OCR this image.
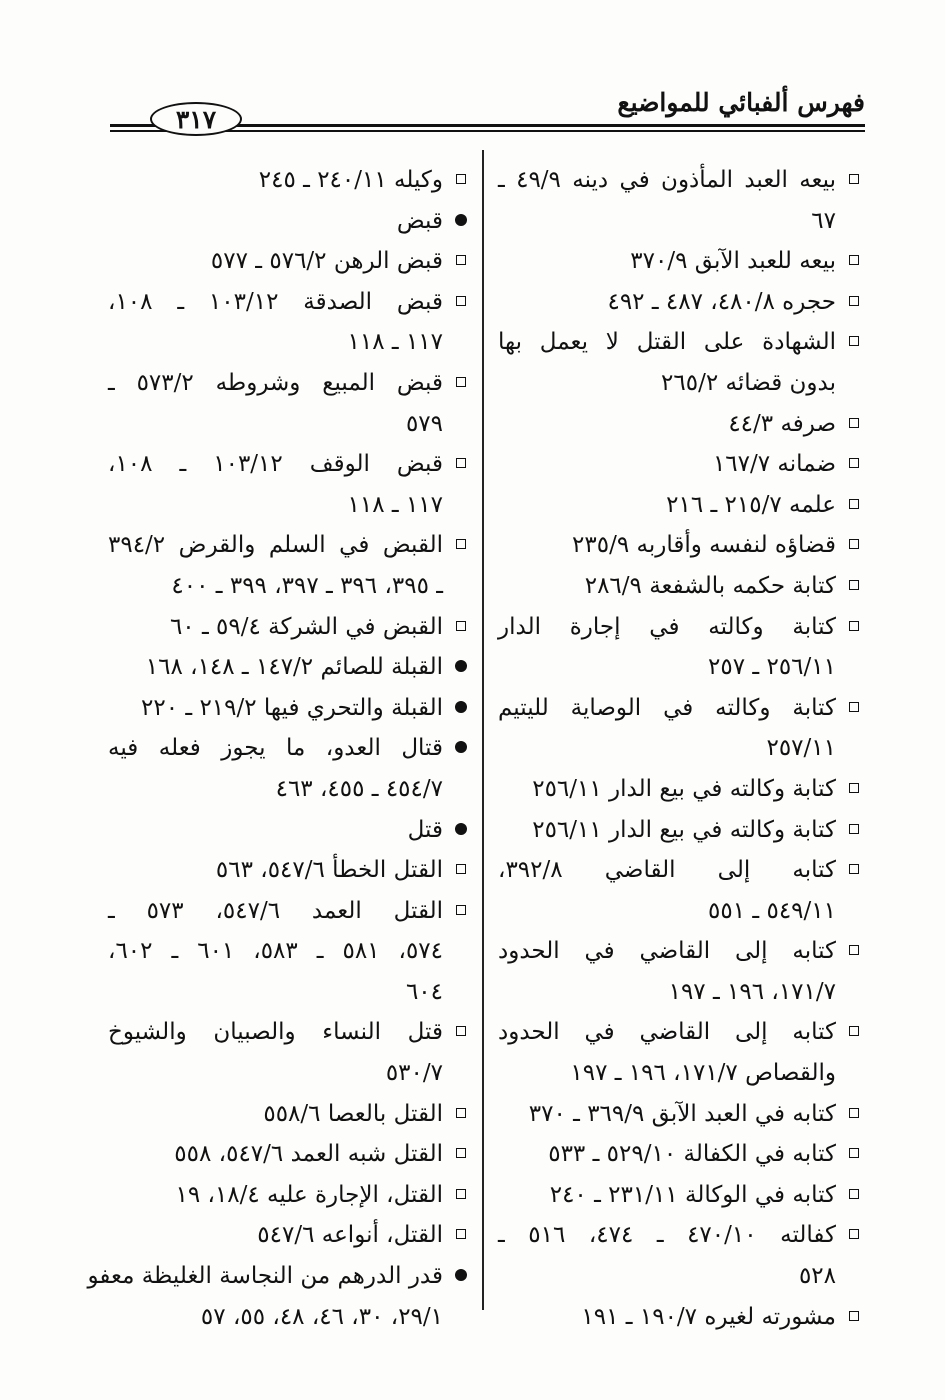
فهرس ألفبائي للمواضيع
٣١٧
بيعه العبد المأذون في دينه ٤٩/٩ ـ
٦٧
بيعه للعبد الآبق ٣٧٠/٩
حجره ٤٨٠/٨، ٤٨٧ ـ ٤٩٢
الشهادة على القتل لا يعمل بها
بدون قضائه ٢٦٥/٢
صرفه ٤٤/٣
ضمانه ١٦٧/٧
علمه ٢١٥/٧ ـ ٢١٦
قضاؤه لنفسه وأقاربه ٢٣٥/٩
كتابة حكمه بالشفعة ٢٨٦/٩
كتابة وكالته في إجارة الدار
٢٥٦/١١ ـ ٢٥٧
كتابة وكالته في الوصاية لليتيم
٢٥٧/١١
كتابة وكالته في بيع الدار ٢٥٦/١١
كتابة وكالته في بيع الدار ٢٥٦/١١
كتابه إلى القاضي ٣٩٢/٨،
٥٤٩/١١ ـ ٥٥١
كتابه إلى القاضي في الحدود
١٧١/٧، ١٩٦ ـ ١٩٧
كتابه إلى القاضي في الحدود
والقصاص ١٧١/٧، ١٩٦ ـ ١٩٧
كتابه في العبد الآبق ٣٦٩/٩ ـ ٣٧٠
كتابه في الكفالة ٥٢٩/١٠ ـ ٥٣٣
كتابه في الوكالة ٢٣١/١١ ـ ٢٤٠
كفالته ٤٧٠/١٠ ـ ٤٧٤، ٥١٦ ـ
٥٢٨
مشورته لغيره ١٩٠/٧ ـ ١٩١
وكيله ٢٤٠/١١ ـ ٢٤٥
قبض
قبض الرهن ٥٧٦/٢ ـ ٥٧٧
قبض الصدقة ١٠٣/١٢ ـ ١٠٨،
١١٧ ـ ١١٨
قبض المبيع وشروطه ٥٧٣/٢ ـ
٥٧٩
قبض الوقف ١٠٣/١٢ ـ ١٠٨،
١١٧ ـ ١١٨
القبض في السلم والقرض ٣٩٤/٢
ـ ٣٩٥، ٣٩٦ ـ ٣٩٧، ٣٩٩ ـ ٤٠٠
القبض في الشركة ٥٩/٤ ـ ٦٠
القبلة للصائم ١٤٧/٢ ـ ١٤٨، ١٦٨
القبلة والتحري فيها ٢١٩/٢ ـ ٢٢٠
قتال العدو، ما يجوز فعله فيه
٤٥٤/٧ ـ ٤٥٥، ٤٦٣
قتل
القتل الخطأ ٥٤٧/٦، ٥٦٣
القتل العمد ٥٤٧/٦، ٥٧٣ ـ
٥٧٤، ٥٨١ ـ ٥٨٣، ٦٠١ ـ ٦٠٢،
٦٠٤
قتل النساء والصبيان والشيوخ
٥٣٠/٧
القتل بالعصا ٥٥٨/٦
القتل شبه العمد ٥٤٧/٦، ٥٥٨
القتل، الإجارة عليه ١٨/٤، ١٩
القتل، أنواعه ٥٤٧/٦
قدر الدرهم من النجاسة الغليظة معفو
٢٩/١، ٣٠، ٤٦، ٤٨، ٥٥، ٥٧
